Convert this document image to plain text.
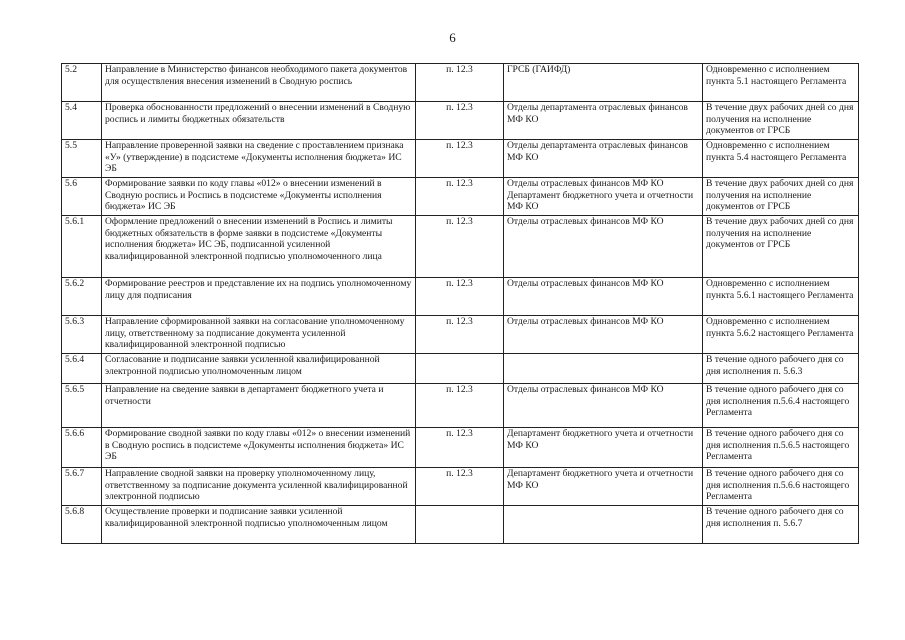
6
5.2	Направление в Министерство финансов необходимого пакета документов для осуществления внесения изменений в Сводную роспись	п. 12.3	ГРСБ (ГАИФД)	Одновременно с исполнением пункта 5.1 настоящего Регламента
5.4	Проверка обоснованности предложений о внесении изменений в Сводную роспись и лимиты бюджетных обязательств	п. 12.3	Отделы департамента отраслевых финансов МФ КО	В течение двух рабочих дней со дня получения на исполнение документов от ГРСБ
5.5	Направление проверенной заявки на сведение с проставлением признака «У» (утверждение) в подсистеме «Документы исполнения бюджета» ИС ЭБ	п. 12.3	Отделы департамента отраслевых финансов МФ КО	Одновременно с исполнением пункта 5.4 настоящего Регламента
5.6	Формирование заявки по коду главы «012» о внесении изменений в Сводную роспись и Роспись в подсистеме «Документы исполнения бюджета» ИС ЭБ	п. 12.3	Отделы отраслевых финансов МФ КО Департамент бюджетного учета и отчетности МФ КО	В течение двух рабочих дней со дня получения на исполнение документов от ГРСБ
5.6.1	Оформление предложений о внесении изменений в Роспись и лимиты бюджетных обязательств в форме заявки в подсистеме «Документы исполнения бюджета» ИС ЭБ, подписанной усиленной квалифицированной электронной подписью уполномоченного лица	п. 12.3	Отделы отраслевых финансов МФ КО	В течение двух рабочих дней со дня получения на исполнение документов от ГРСБ
5.6.2	Формирование реестров и представление их на подпись уполномоченному лицу для подписания	п. 12.3	Отделы отраслевых финансов МФ КО	Одновременно с исполнением пункта 5.6.1 настоящего Регламента
5.6.3	Направление сформированной заявки на согласование уполномоченному лицу, ответственному за подписание документа усиленной квалифицированной электронной подписью	п. 12.3	Отделы отраслевых финансов МФ КО	Одновременно с исполнением пункта 5.6.2 настоящего Регламента
5.6.4	Согласование и подписание заявки усиленной квалифицированной электронной подписью уполномоченным лицом			В течение одного рабочего дня со дня исполнения п. 5.6.3
5.6.5	Направление на сведение заявки в департамент бюджетного учета и отчетности	п. 12.3	Отделы отраслевых финансов МФ КО	В течение одного рабочего дня со дня исполнения п.5.6.4 настоящего Регламента
5.6.6	Формирование сводной заявки по коду главы «012» о внесении изменений в Сводную роспись в подсистеме «Документы исполнения бюджета» ИС ЭБ	п. 12.3	Департамент бюджетного учета и отчетности МФ КО	В течение одного рабочего дня со дня исполнения п.5.6.5 настоящего Регламента
5.6.7	Направление сводной заявки на проверку уполномоченному лицу, ответственному за подписание документа усиленной квалифицированной электронной подписью	п. 12.3	Департамент бюджетного учета и отчетности МФ КО	В течение одного рабочего дня со дня исполнения п.5.6.6 настоящего Регламента
5.6.8	Осуществление проверки и подписание заявки усиленной квалифицированной электронной подписью уполномоченным лицом			В течение одного рабочего дня со дня исполнения п. 5.6.7
